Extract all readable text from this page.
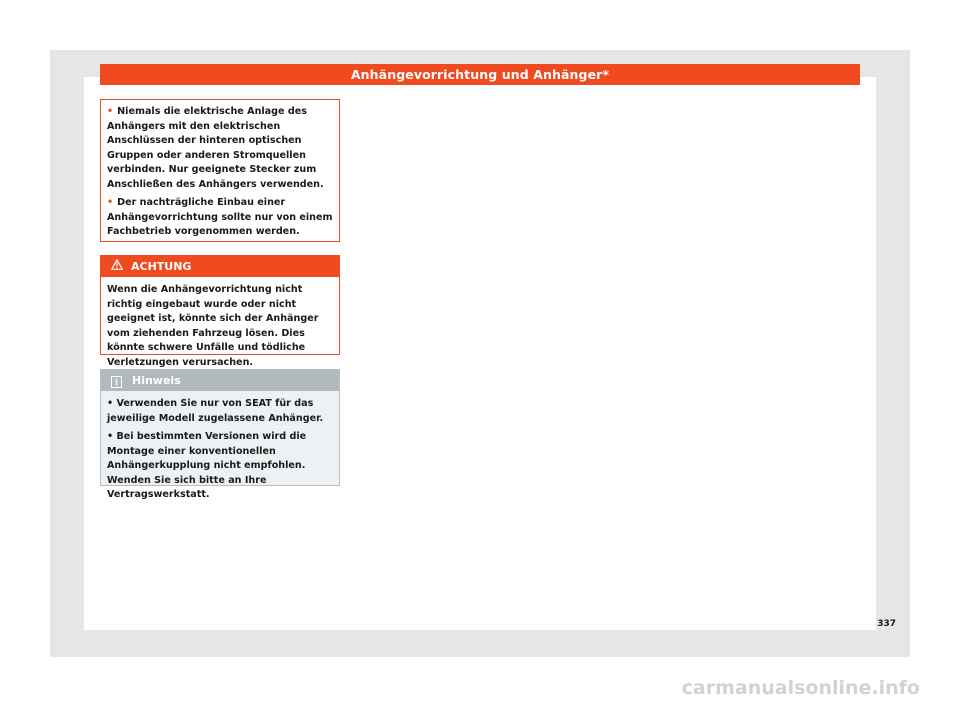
Anhängevorrichtung und Anhänger*

• Niemals die elektrische Anlage des Anhängers mit den elektrischen Anschlüssen der hinteren optischen Gruppen oder anderen Stromquellen verbinden. Nur geeignete Stecker zum Anschließen des Anhängers verwenden.

• Der nachträgliche Einbau einer Anhängevorrichtung sollte nur von einem Fachbetrieb vorgenommen werden.

ACHTUNG
Wenn die Anhängevorrichtung nicht richtig eingebaut wurde oder nicht geeignet ist, könnte sich der Anhänger vom ziehenden Fahrzeug lösen. Dies könnte schwere Unfälle und tödliche Verletzungen verursachen.
i Hinweis

• Verwenden Sie nur von SEAT für das jeweilige Modell zugelassene Anhänger.

• Bei bestimmten Versionen wird die Montage einer konventionellen Anhängerkupplung nicht empfohlen. Wenden Sie sich bitte an Ihre Vertragswerkstatt.

337
carmanualsonline.info
